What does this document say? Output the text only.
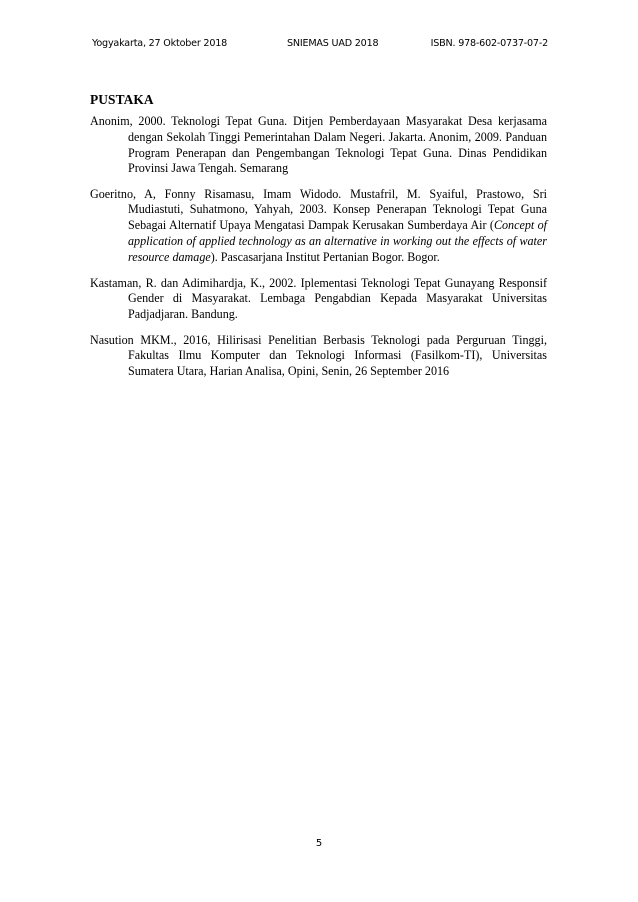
Yogyakarta, 27 Oktober 2018	SNIEMAS UAD 2018	ISBN. 978-602-0737-07-2
PUSTAKA

Anonim, 2000. Teknologi Tepat Guna. Ditjen Pemberdayaan Masyarakat Desa kerjasama dengan Sekolah Tinggi Pemerintahan Dalam Negeri. Jakarta. Anonim, 2009. Panduan Program Penerapan dan Pengembangan Teknologi Tepat Guna. Dinas Pendidikan Provinsi Jawa Tengah. Semarang

Goeritno, A, Fonny Risamasu, Imam Widodo. Mustafril, M. Syaiful, Prastowo, Sri Mudiastuti, Suhatmono, Yahyah, 2003. Konsep Penerapan Teknologi Tepat Guna Sebagai Alternatif Upaya Mengatasi Dampak Kerusakan Sumberdaya Air (Concept of application of applied technology as an alternative in working out the effects of water resource damage). Pascasarjana Institut Pertanian Bogor. Bogor.

Kastaman, R. dan Adimihardja, K., 2002. Iplementasi Teknologi Tepat Gunayang Responsif Gender di Masyarakat. Lembaga Pengabdian Kepada Masyarakat Universitas Padjadjaran. Bandung.

Nasution MKM., 2016, Hilirisasi Penelitian Berbasis Teknologi pada Perguruan Tinggi, Fakultas Ilmu Komputer dan Teknologi Informasi (Fasilkom-TI), Universitas Sumatera Utara, Harian Analisa, Opini, Senin, 26 September 2016

5
